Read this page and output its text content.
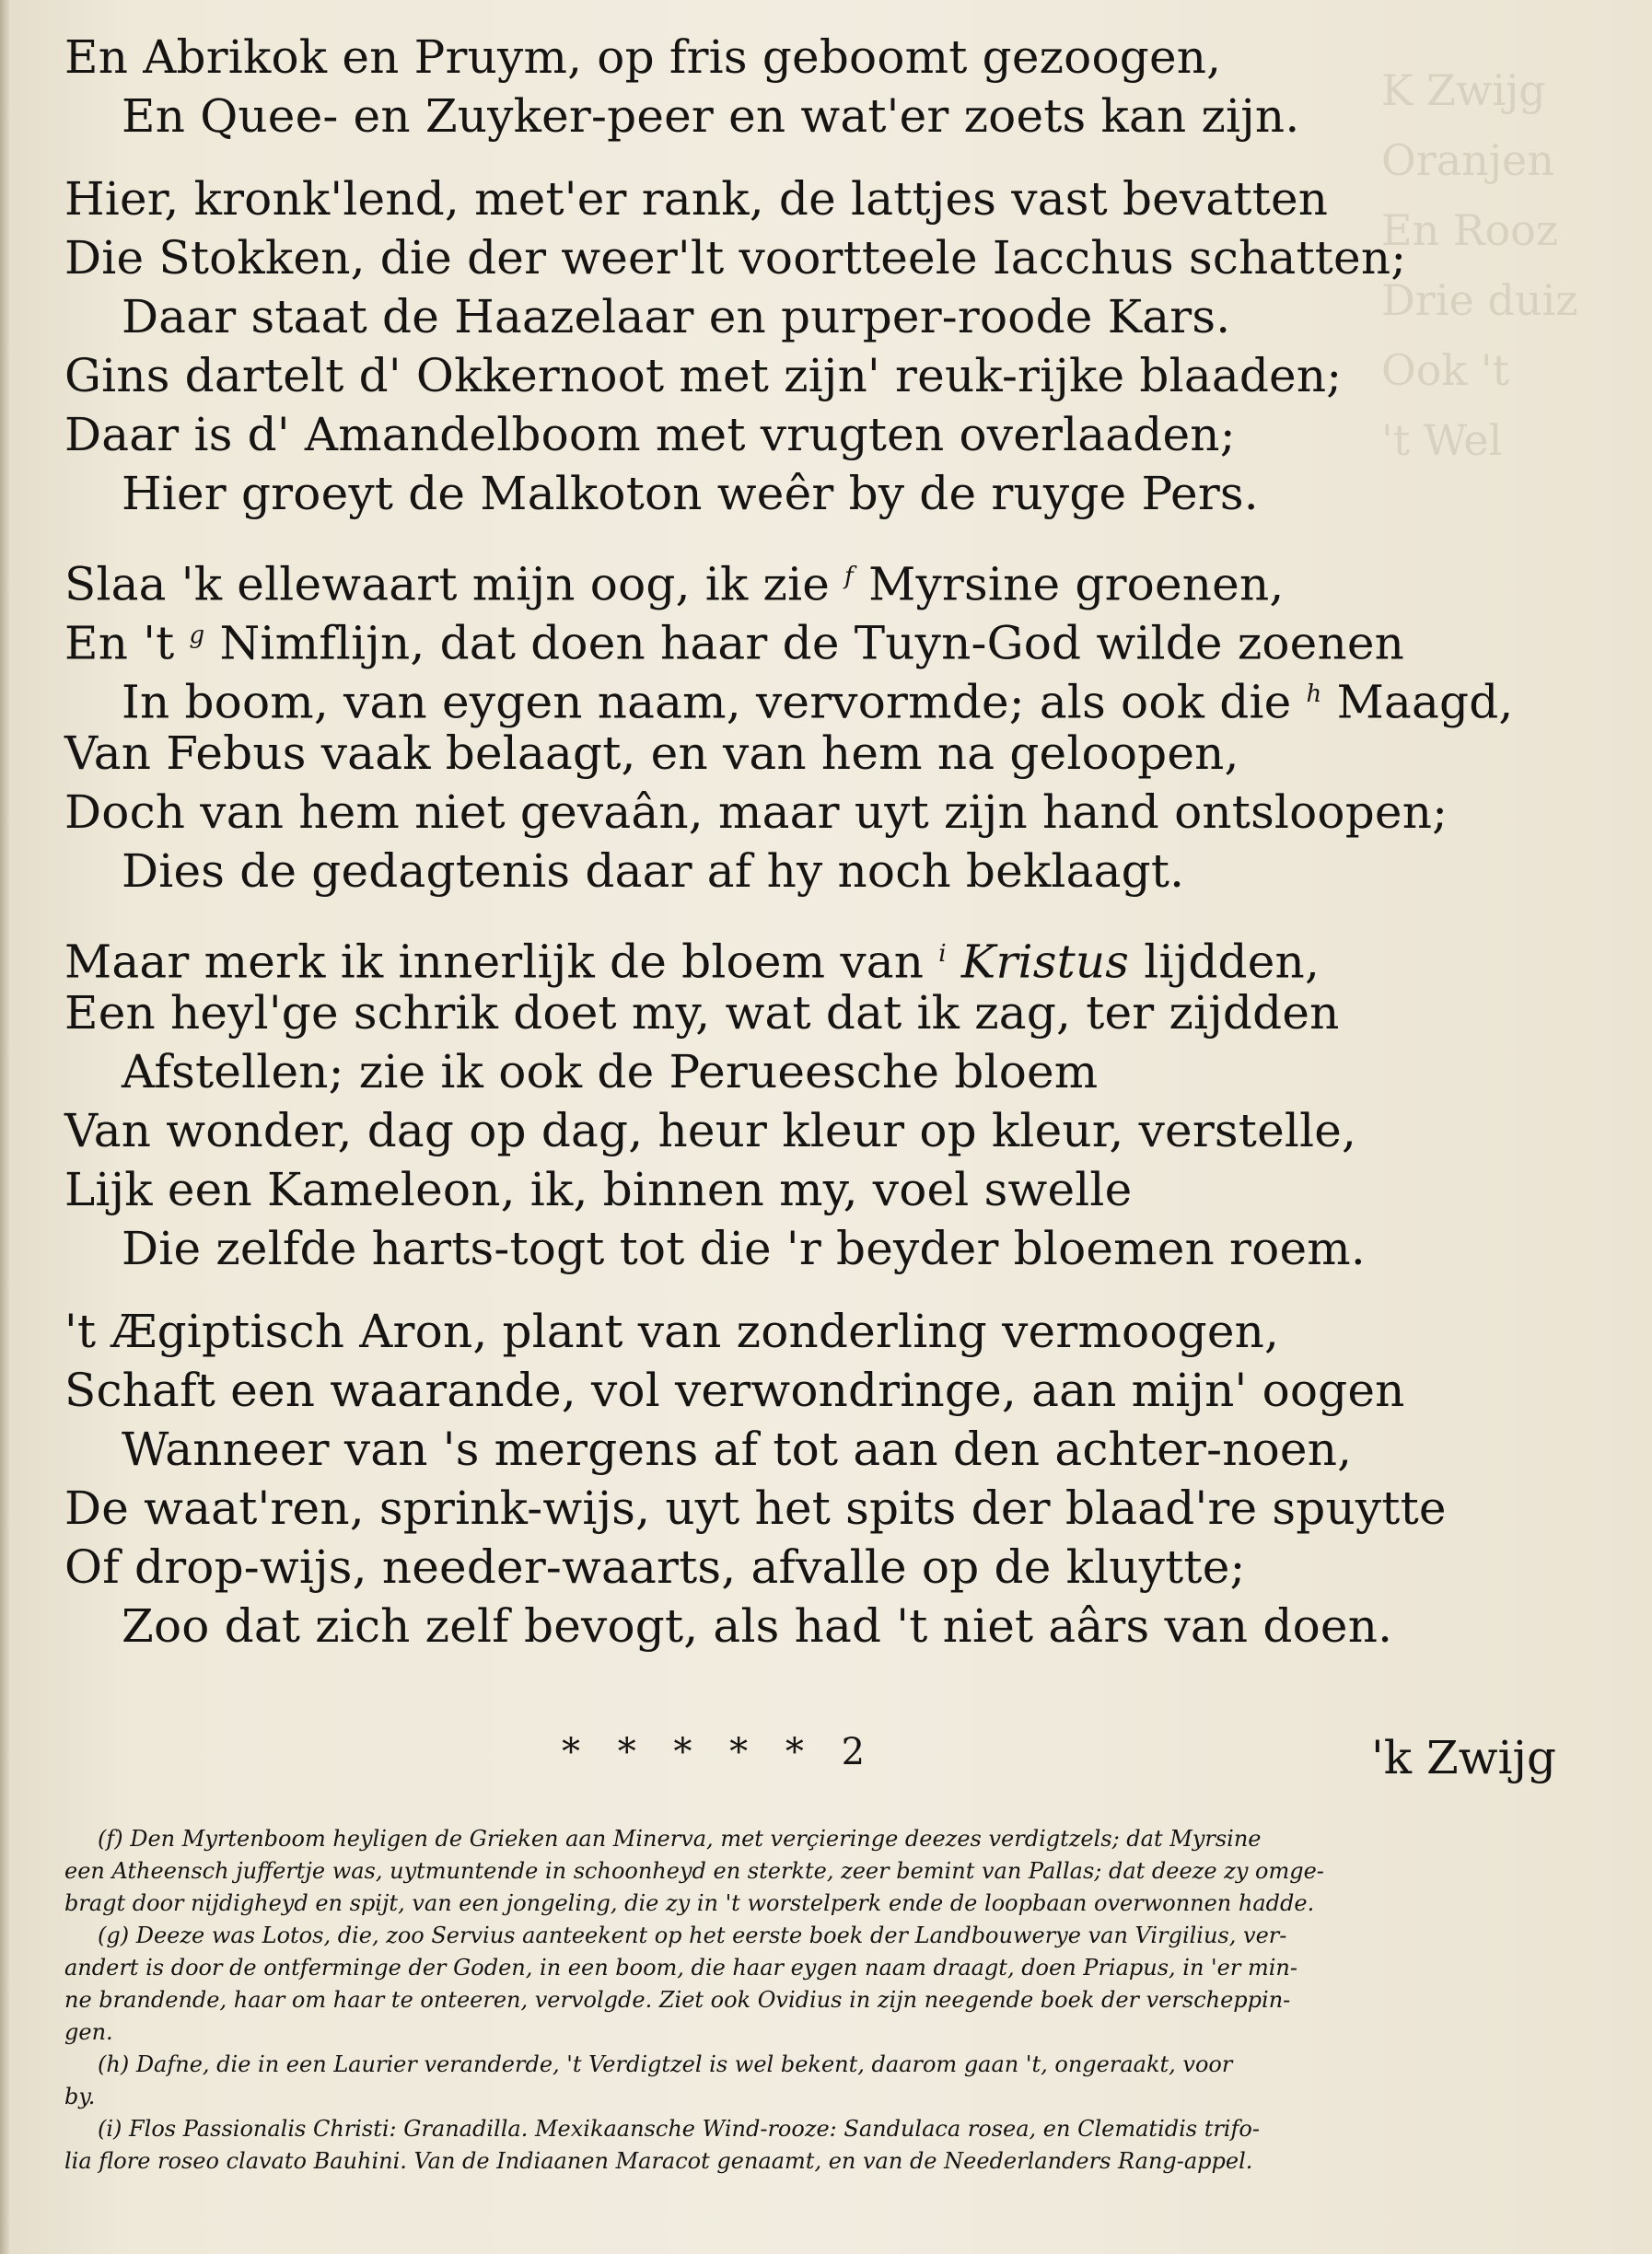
K Zwijg
Oranjen
En Rooz
Drie duiz
Ook 't
't Wel
En Abrikok en Pruym, op fris geboomt gezoogen,
En Quee- en Zuyker-peer en wat'er zoets kan zijn.
Hier, kronk'lend, met'er rank, de lattjes vast bevatten
Die Stokken, die der weer'lt voortteele Iacchus schatten;
Daar staat de Haazelaar en purper-roode Kars.
Gins dartelt d' Okkernoot met zijn' reuk-rijke blaaden;
Daar is d' Amandelboom met vrugten overlaaden;
Hier groeyt de Malkoton weêr by de ruyge Pers.
Slaa 'k ellewaart mijn oog, ik zie $^f$ Myrsine groenen,
En 't $^g$ Nimflijn, dat doen haar de Tuyn-God wilde zoenen
In boom, van eygen naam, vervormde; als ook die $^h$ Maagd,
Van Febus vaak belaagt, en van hem na geloopen,
Doch van hem niet gevaân, maar uyt zijn hand ontsloopen;
Dies de gedagtenis daar af hy noch beklaagt.
Maar merk ik innerlijk de bloem van $^i$ Kristus lijdden,
Een heyl'ge schrik doet my, wat dat ik zag, ter zijdden
Afstellen; zie ik ook de Perueesche bloem
Van wonder, dag op dag, heur kleur op kleur, verstelle,
Lijk een Kameleon, ik, binnen my, voel swelle
Die zelfde harts-togt tot die 'r beyder bloemen roem.
't Ægiptisch Aron, plant van zonderling vermoogen,
Schaft een waarande, vol verwondringe, aan mijn' oogen
Wanneer van 's mergens af tot aan den achter-noen,
De waat'ren, sprink-wijs, uyt het spits der blaad're spuytte
Of drop-wijs, needer-waarts, afvalle op de kluytte;
Zoo dat zich zelf bevogt, als had 't niet aârs van doen.
* * * * * 2	'k Zwijg
(f) Den Myrtenboom heyligen de Grieken aan Minerva, met verçieringe deezes verdigtzels; dat Myrsine
een Atheensch juffertje was, uytmuntende in schoonheyd en sterkte, zeer bemint van Pallas; dat deeze zy omge-
bragt door nijdigheyd en spijt, van een jongeling, die zy in 't worstelperk ende de loopbaan overwonnen hadde.
(g) Deeze was Lotos, die, zoo Servius aanteekent op het eerste boek der Landbouwerye van Virgilius, ver-
andert is door de ontferminge der Goden, in een boom, die haar eygen naam draagt, doen Priapus, in 'er min-
ne brandende, haar om haar te onteeren, vervolgde. Ziet ook Ovidius in zijn neegende boek der verscheppin-
gen.
(h) Dafne, die in een Laurier veranderde, 't Verdigtzel is wel bekent, daarom gaan 't, ongeraakt, voor
by.
(i) Flos Passionalis Christi: Granadilla. Mexikaansche Wind-rooze: Sandulaca rosea, en Clematidis trifo-
lia flore roseo clavato Bauhini. Van de Indiaanen Maracot genaamt, en van de Neederlanders Rang-appel.
